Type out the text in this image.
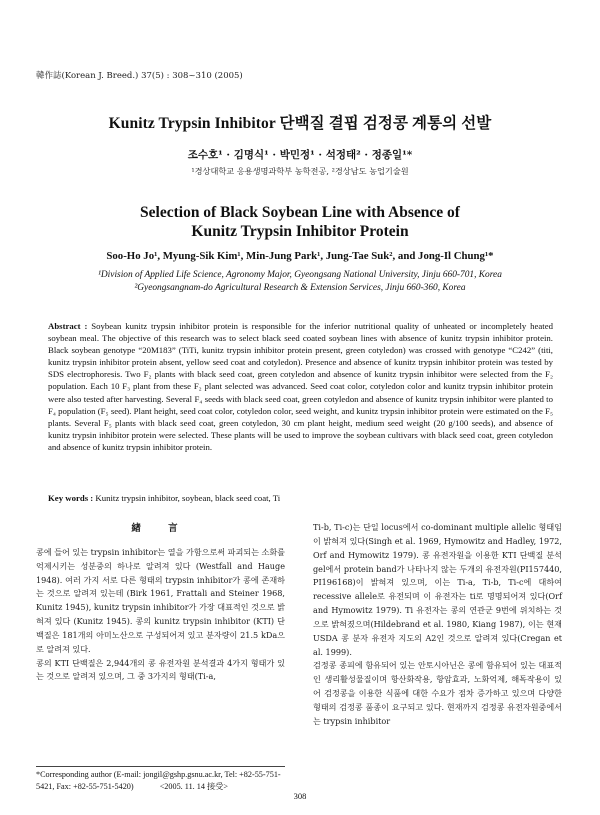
韓作誌(Korean J. Breed.) 37(5) : 308~310 (2005)
Kunitz Trypsin Inhibitor 단백질 결핍 검정콩 계통의 선발
조수호¹ · 김명식¹ · 박민정¹ · 석정태² · 정종일¹*
¹경상대학교 응용생명과학부 농학전공, ²경상남도 농업기술원
Selection of Black Soybean Line with Absence of
Kunitz Trypsin Inhibitor Protein
Soo-Ho Jo¹, Myung-Sik Kim¹, Min-Jung Park¹, Jung-Tae Suk², and Jong-Il Chung¹*
¹Division of Applied Life Science, Agronomy Major, Gyeongsang National University, Jinju 660-701, Korea
²Gyeongsangnam-do Agricultural Research & Extension Services, Jinju 660-360, Korea
Abstract : Soybean kunitz trypsin inhibitor protein is responsible for the inferior nutritional quality of unheated or incompletely heated soybean meal. The objective of this research was to select black seed coated soybean lines with absence of kunitz trypsin inhibitor protein. Black soybean genotype “20M183” (TiTi, kunitz trypsin inhibitor protein present, green cotyledon) was crossed with genotype “C242” (titi, kunitz trypsin inhibitor protein absent, yellow seed coat and cotyledon). Presence and absence of kunitz trypsin inhibitor protein was tested by SDS electrophoresis. Two F₂ plants with black seed coat, green cotyledon and absence of kunitz trypsin inhibitor were selected from the F₂ population. Each 10 F₃ plant from these F₂ plant selected was advanced. Seed coat color, cotyledon color and kunitz trypsin inhibitor protein were also tested after harvesting. Several F₄ seeds with black seed coat, green cotyledon and absence of kunitz trypsin inhibitor were planted to F₄ population (F₅ seed). Plant height, seed coat color, cotyledon color, seed weight, and kunitz trypsin inhibitor protein were estimated on the F₅ plants. Several F₅ plants with black seed coat, green cotyledon, 30 cm plant height, medium seed weight (20 g/100 seeds), and absence of kunitz trypsin inhibitor protein were selected. These plants will be used to improve the soybean cultivars with black seed coat, green cotyledon and absence of kunitz trypsin inhibitor protein.
Key words : Kunitz trypsin inhibitor, soybean, black seed coat, Ti
緖 言

콩에 들어 있는 trypsin inhibitor는 열을 가함으로써 파괴되는 소화를 억제시키는 성분중의 하나로 알려져 있다 (Westfall and Hauge 1948). 여러 가지 서로 다른 형태의 trypsin inhibitor가 콩에 존재하는 것으로 알려져 있는데 (Birk 1961, Frattali and Steiner 1968, Kunitz 1945), kunitz trypsin inhibitor가 가장 대표적인 것으로 밝혀져 있다 (Kunitz 1945). 콩의 kunitz trypsin inhibitor (KTI) 단백질은 181개의 아미노산으로 구성되어져 있고 분자량이 21.5 kDa으로 알려져 있다.

콩의 KTI 단백질은 2,944개의 콩 유전자원 분석결과 4가지 형태가 있는 것으로 알려져 있으며, 그 중 3가지의 형태(Ti-a,

Ti-b, Ti-c)는 단일 locus에서 co-dominant multiple allelic 형태임이 밝혀져 있다(Singh et al. 1969, Hymowitz and Hadley, 1972, Orf and Hymowitz 1979). 콩 유전자원을 이용한 KTI 단백질 분석 gel에서 protein band가 나타나지 않는 두개의 유전자원(PI157440, PI196168)이 밝혀져 있으며, 이는 Ti-a, Ti-b, Ti-c에 대하여 recessive allele로 유전되며 이 유전자는 ti로 명명되어져 있다(Orf and Hymowitz 1979). Ti 유전자는 콩의 연관군 9번에 위치하는 것으로 밝혀졌으며(Hildebrand et al. 1980, Kiang 1987), 이는 현재 USDA 콩 분자 유전자 지도의 A2인 것으로 알려져 있다(Cregan et al. 1999).

검정콩 종피에 함유되어 있는 안토시아닌은 콩에 함유되어 있는 대표적인 생리활성물질이며 항산화작용, 항암효과, 노화억제, 해독작용이 있어 검정콩을 이용한 식품에 대한 수요가 점차 증가하고 있으며 다양한 형태의 검정콩 품종이 요구되고 있다. 현재까지 검정콩 유전자원중에서는 trypsin inhibitor

*Corresponding author (E-mail: jongil@gshp.gsnu.ac.kr, Tel: +82-55-751-5421, Fax: +82-55-751-5420)	<2005. 11. 14 接受>
308
